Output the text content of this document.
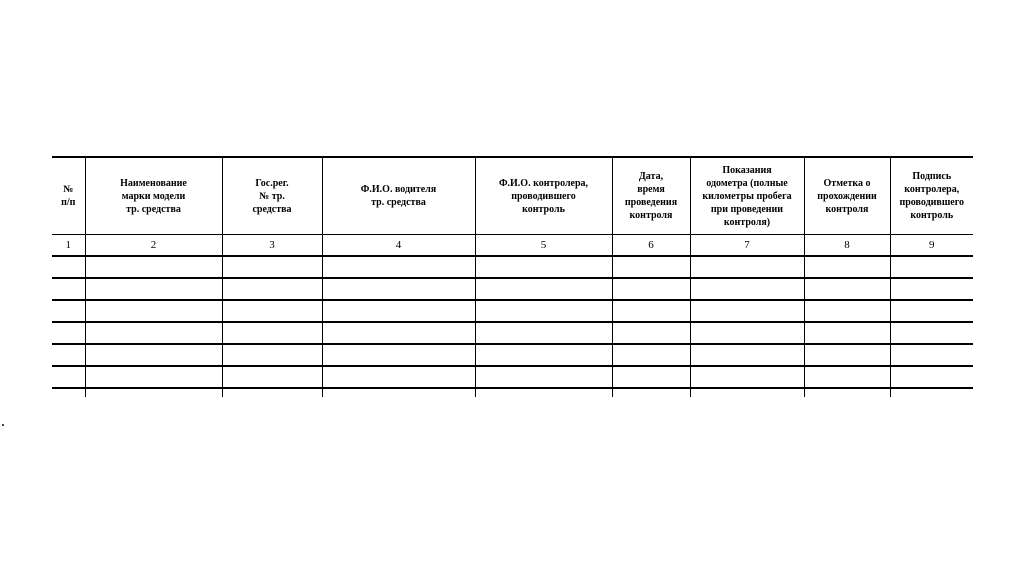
№
п/п	Наименование
марки модели
тр. средства	Гос.рег.
№ тр.
средства	Ф.И.О. водителя
тр. средства	Ф.И.О. контролера,
проводившего
контроль	Дата,
время
проведения
контроля	Показания
одометра (полные
километры пробега
при проведении
контроля)	Отметка о
прохождении
контроля	Подпись
контролера,
проводившего
контроль

1	2	3	4	5	6	7	8	9
